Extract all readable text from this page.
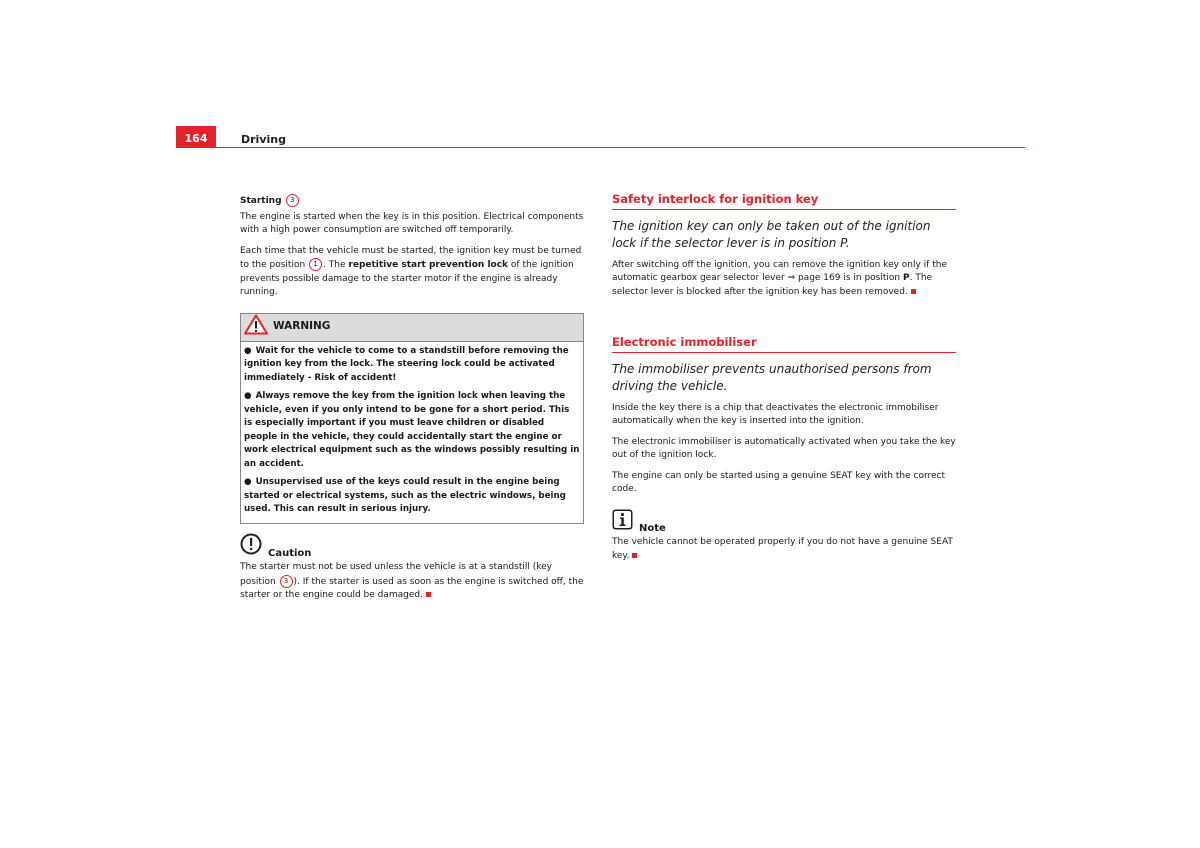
164	Driving
Starting 3

The engine is started when the key is in this position. Electrical components with a high power consumption are switched off temporarily.

Each time that the vehicle must be started, the ignition key must be turned to the position 1 . The repetitive start prevention lock of the ignition prevents possible damage to the starter motor if the engine is already running.

WARNING

● Wait for the vehicle to come to a standstill before removing the ignition key from the lock. The steering lock could be activated immediately - Risk of accident!

● Always remove the key from the ignition lock when leaving the vehicle, even if you only intend to be gone for a short period. This is especially important if you must leave children or disabled people in the vehicle, they could accidentally start the engine or work electrical equipment such as the windows possibly resulting in an accident.

● Unsupervised use of the keys could result in the engine being started or electrical systems, such as the electric windows, being used. This can result in serious injury.

Caution

The starter must not be used unless the vehicle is at a standstill (key position 3 ). If the starter is used as soon as the engine is switched off, the starter or the engine could be damaged.

Safety interlock for ignition key

The ignition key can only be taken out of the ignition lock if the selector lever is in position P.

After switching off the ignition, you can remove the ignition key only if the automatic gearbox gear selector lever ⇒ page 169 is in position P. The selector lever is blocked after the ignition key has been removed.

Electronic immobiliser

The immobiliser prevents unauthorised persons from driving the vehicle.

Inside the key there is a chip that deactivates the electronic immobiliser automatically when the key is inserted into the ignition.

The electronic immobiliser is automatically activated when you take the key out of the ignition lock.

The engine can only be started using a genuine SEAT key with the correct code.

Note

The vehicle cannot be operated properly if you do not have a genuine SEAT key.
